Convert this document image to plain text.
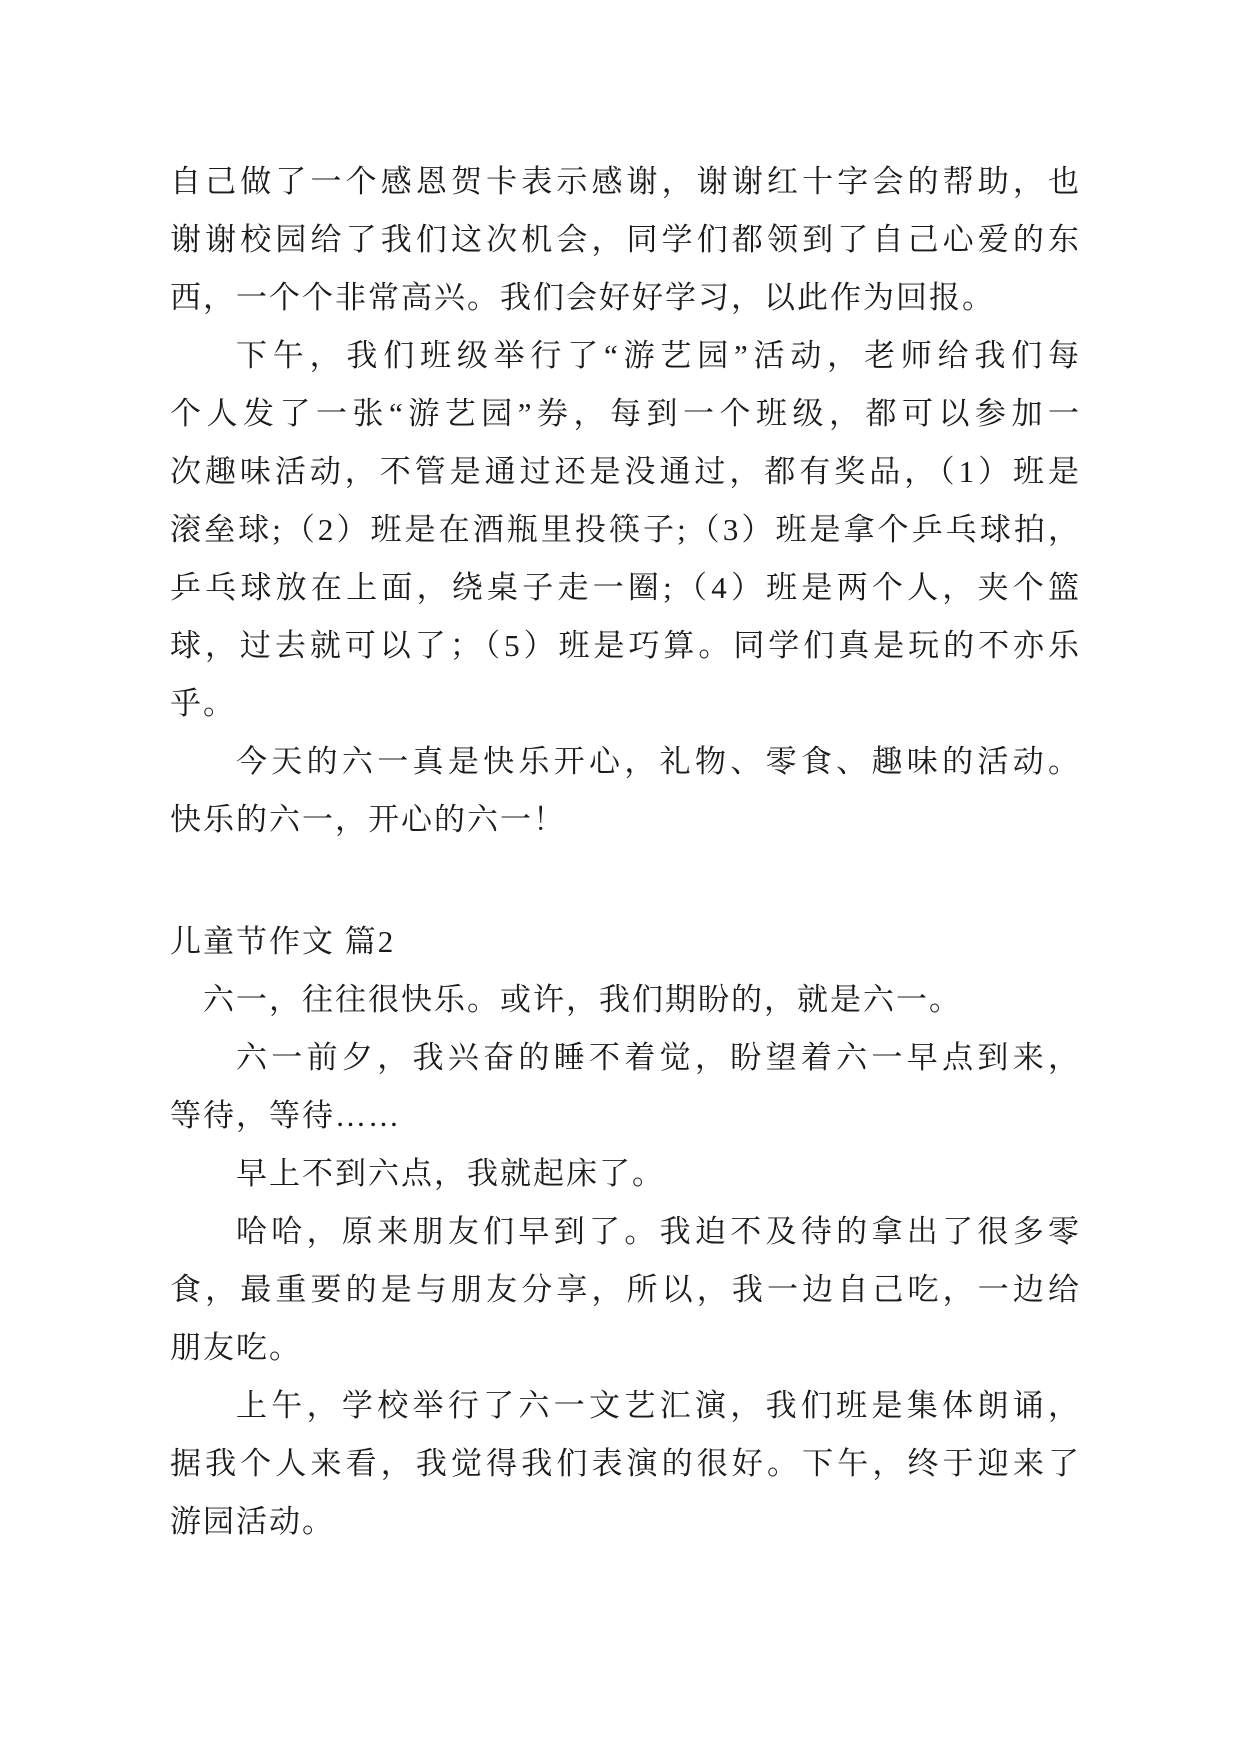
自己做了一个感恩贺卡表示感谢，谢谢红十字会的帮助，也
谢谢校园给了我们这次机会，同学们都领到了自己心爱的东
西，一个个非常高兴。我们会好好学习，以此作为回报。
下午，我们班级举行了“游艺园”活动，老师给我们每
个人发了一张“游艺园”券，每到一个班级，都可以参加一
次趣味活动，不管是通过还是没通过，都有奖品，（1）班是
滚垒球;（2）班是在酒瓶里投筷子;（3）班是拿个乒乓球拍，
乒乓球放在上面，绕桌子走一圈;（4）班是两个人，夹个篮
球，过去就可以了；（5）班是巧算。同学们真是玩的不亦乐
乎。
今天的六一真是快乐开心，礼物、零食、趣味的活动。
快乐的六一，开心的六一！
儿童节作文 篇2
六一，往往很快乐。或许，我们期盼的，就是六一。
六一前夕，我兴奋的睡不着觉，盼望着六一早点到来，
等待，等待……
早上不到六点，我就起床了。
哈哈，原来朋友们早到了。我迫不及待的拿出了很多零
食，最重要的是与朋友分享，所以，我一边自己吃，一边给
朋友吃。
上午，学校举行了六一文艺汇演，我们班是集体朗诵，
据我个人来看，我觉得我们表演的很好。下午，终于迎来了
游园活动。
